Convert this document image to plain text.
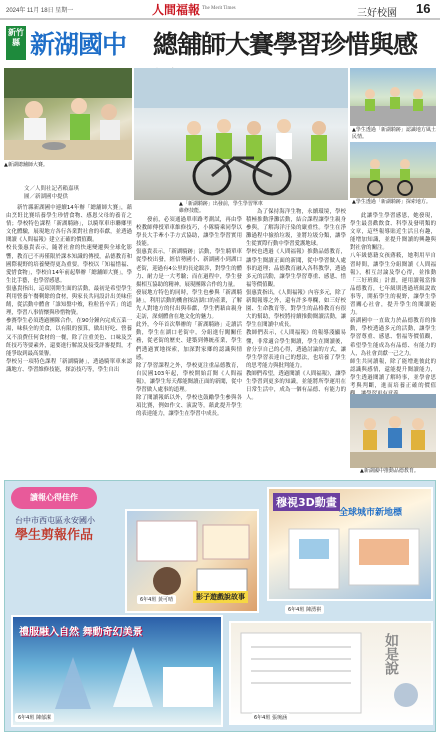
2024年 11月 18日 星期一	人間福報 The Merit Times	三好校園 16
新竹縣 新湖國中 總舖師大賽學習珍惜與感
▲新湖總舖師大賽。
▲「新湖騎跡」出發前，學生學習單車維修技能。
▲學生透過「新湖騎跡」認識地方風土民情。
▲學生透過「新湖騎跡」探索地方。
文／人間社記者賴嘉琪
圖／新湖國中提供

新竹縣新湖國中連續14年辦「總舖師大賽」，藉由烹飪比賽培養學生珍惜食物、感恩父母的養育之情；學校特色課程「新湖騎跡」，以騎單車串聯鄉里文化體驗，展現地方各行各業對社會的奉獻，並透過閱讀《人間福報》建立正確的價值觀。
校長張惠貴表示，隨著社會的快速變遷與全球化影響，教育已不再僅限於課本知識的傳授，品德教育和國際視野的培養變得更為重要。學校以「知福惜福、愛惜食物」，學校自14年前起舉辦「總舖師大賽」，學生比手藝，也學習感恩。
張惠貴指出，這項別開生面的活動，最初是希望學生利用營養午餐剩餘的食材，與家長共同設計出美味佳餚，從活動中體會「誰知盤中飧，粒粒皆辛苦」的道理，學習八事情懷與珍惜物資。
參賽學生必須透過團隊合作，在90分鐘內完成五菜一湯，味俱全的美食，以有限的預算，做出好吃、營養又不浪費任何食材的一餐，除了注重美色、口味及烹飪技巧等要素外，還要進行解說及接受評審提問，才能爭取到最高榮譽。
學校另一項特色課程「新湖騎跡」，透過騎單車來認識地方、學習維修技能，探訪技巧等，學生自出

發前，必須通過單車路考測試，再由學校教師傳授單車維修技巧，小隊騎乘同學以學長大手牽小手方式協助，讓學生學習實用技能。
張惠貴表示，「新湖騎跡」活動，學生騎單車從學校出發，經信勢國小、新湖國小到湖口老街，迎過有4公里的長途跋涉，對學生的體力、耐力是一大考驗；而在過程中，學生發揚相互協助的精神，展現團隊合作的力量。
發展地方特色的同時，學生也參與「新湖騎跡」，利用活動的機會探訪湖口的產業，了解先人對地方的付出與奉獻，學生們藉由親身走訪，深刻體會在地文化的魅力。
此外，今年首次舉辦的「新湖騎跡」走讀活動，學生在湖口老街中，分組進行闖關任務，從老街的歷史、建築到傳統產業，學生們透過實地探索，加深對家鄉的認識與情感。
除了學習課程之外，學校更注重品德教育，自民國103年起，學校開始訂閱《人間福報》，讓學生每天都能閱讀正面的新聞，從中學習做人處事的道理。
除了閱讀報紙以外，學校也鼓勵學生參與各項比賽，例如作文、演說等，藉此提升學生的表達能力，讓學生在學習中成長。

為了保持海洋生物，永續環境，學校積極推動淨灘活動，結合課程讓學生親身參與，了解海洋汙染的嚴重性。學生在淨灘過程中撿拾垃圾，並將垃圾分類，讓學生從實際行動中學習愛護地球。
學校也透過《人間福報》推動品德教育，讓學生閱讀正面的新聞，從中學習做人處事的道理；品德教育融入各科教學，透過多元的活動，讓學生學習尊重、感恩、惜福等價值觀。
張惠貴指出，《人間福報》內容多元，除了新聞報導之外，還有許多專欄，如三好校園、生命教育等，對學生的品格教育有很大的幫助，學校將持續推動閱讀活動，讓學生在閱讀中成長。
教師們表示，《人間福報》的報導淺顯易懂，非常適合學生閱讀，學生在閱讀後，會分享自己的心得，透過討論的方式，讓學生學習表達自己的想法，也培養了學生的思考能力與批判能力。
教師們希望，透過閱讀《人間福報》，讓學生學習到更多的知識，並能將所學運用在日常生活中，成為一個有品德、有能力的人。

此讓學生學習感恩，她發現，學生最喜歡飲食、科學及發明類的文章，這些報導貼近生活且有趣，能增加知識，並提升閱讀的興趣與對社會的關注。
八年級德籍女孩蔣筱，她利用早自習時間，讓學生分組閱讀《人間福報》，相互討論及學心得，並推動「三好班級」計畫，運用讀報當推品德教育，七年級則透過班級說故事等，開拓學生的視野，讓學生學習關心社會，提升學生的閱讀能力。
新湖國中一直致力於品德教育的推動，學校透過多元的活動，讓學生學習尊重、感恩、惜福等價值觀，希望學生能成為有品德、有能力的人，為社會貢獻一己之力。
師生共同讀報，除了能增進彼此的認識與感情，還能提升閱讀能力，學生透過閱讀了解時事，並學會思考與判斷，進而培養正確的價值

▲新湖國中推動品德教育。
讀報心得佳作
台中市西屯區永安國小
學生剪報作品
影子遊戲說故事
6年4班 黃可晴
穆視3D動畫
全球城市新地標
6年4班 陳湧祺
禮服融入自然 舞動奇幻美景
6年4班 陳郁潔
如是說
6年4班 張琬涵
